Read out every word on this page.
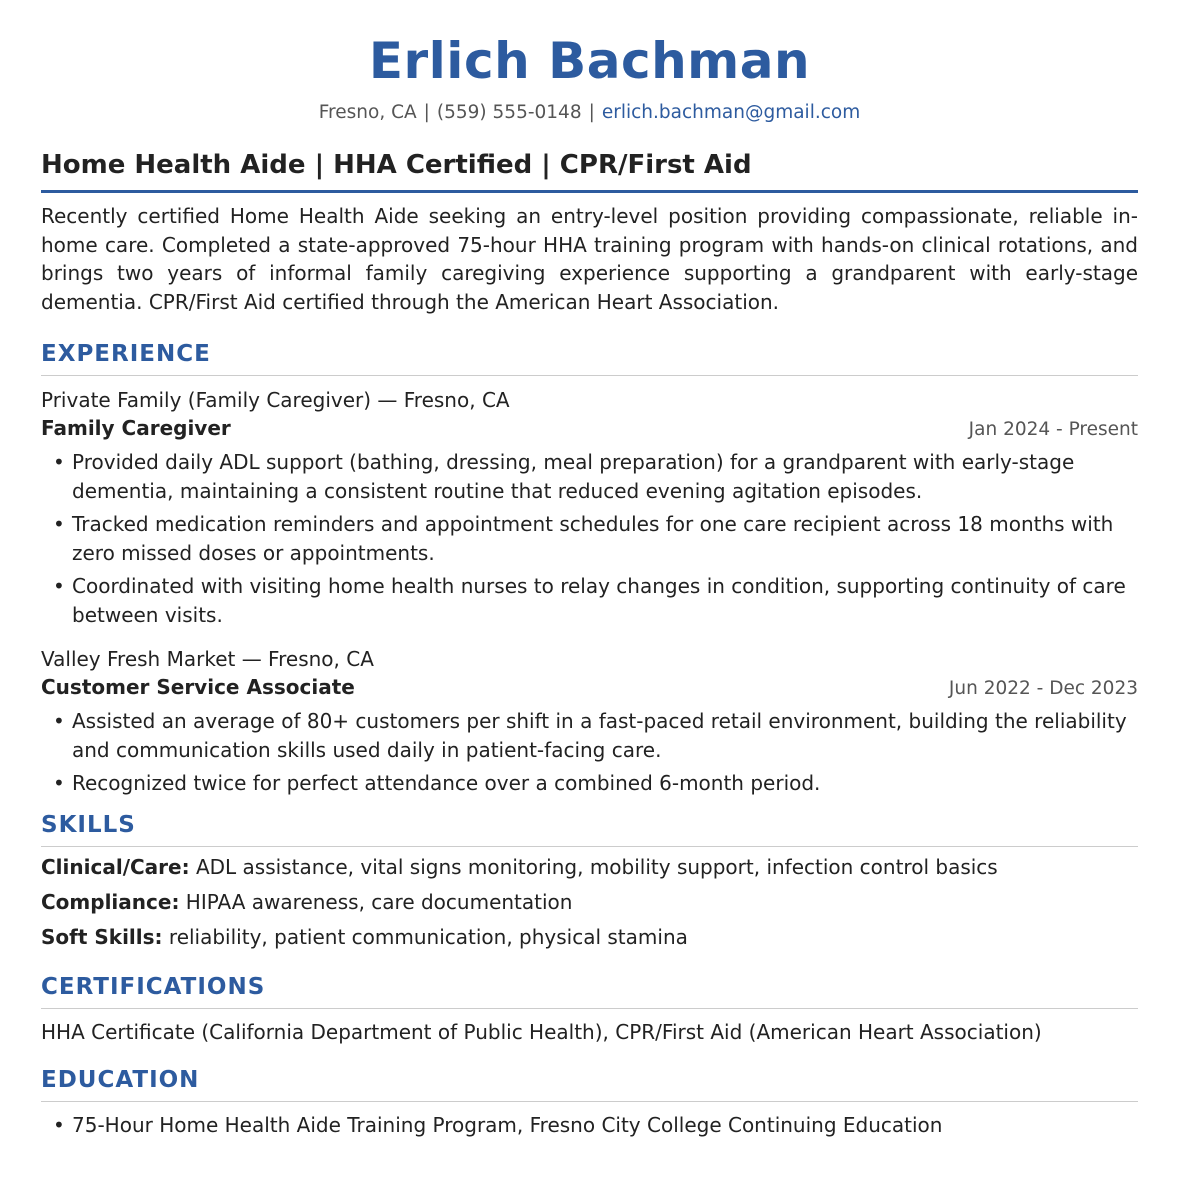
Erlich Bachman
Fresno, CA | (559) 555-0148 | erlich.bachman@gmail.com
Home Health Aide | HHA Certified | CPR/First Aid
Recently certified Home Health Aide seeking an entry-level position providing compassionate, reliable in-home care. Completed a state-approved 75-hour HHA training program with hands-on clinical rotations, and brings two years of informal family caregiving experience supporting a grandparent with early-stage dementia. CPR/First Aid certified through the American Heart Association.
EXPERIENCE
Private Family (Family Caregiver) — Fresno, CA
Family Caregiver	Jan 2024 - Present
• Provided daily ADL support (bathing, dressing, meal preparation) for a grandparent with early-stage dementia, maintaining a consistent routine that reduced evening agitation episodes.
• Tracked medication reminders and appointment schedules for one care recipient across 18 months with zero missed doses or appointments.
• Coordinated with visiting home health nurses to relay changes in condition, supporting continuity of care between visits.
Valley Fresh Market — Fresno, CA
Customer Service Associate	Jun 2022 - Dec 2023
• Assisted an average of 80+ customers per shift in a fast-paced retail environment, building the reliability and communication skills used daily in patient-facing care.
• Recognized twice for perfect attendance over a combined 6-month period.
SKILLS
Clinical/Care: ADL assistance, vital signs monitoring, mobility support, infection control basics
Compliance: HIPAA awareness, care documentation
Soft Skills: reliability, patient communication, physical stamina
CERTIFICATIONS
HHA Certificate (California Department of Public Health), CPR/First Aid (American Heart Association)
EDUCATION
• 75-Hour Home Health Aide Training Program, Fresno City College Continuing Education
